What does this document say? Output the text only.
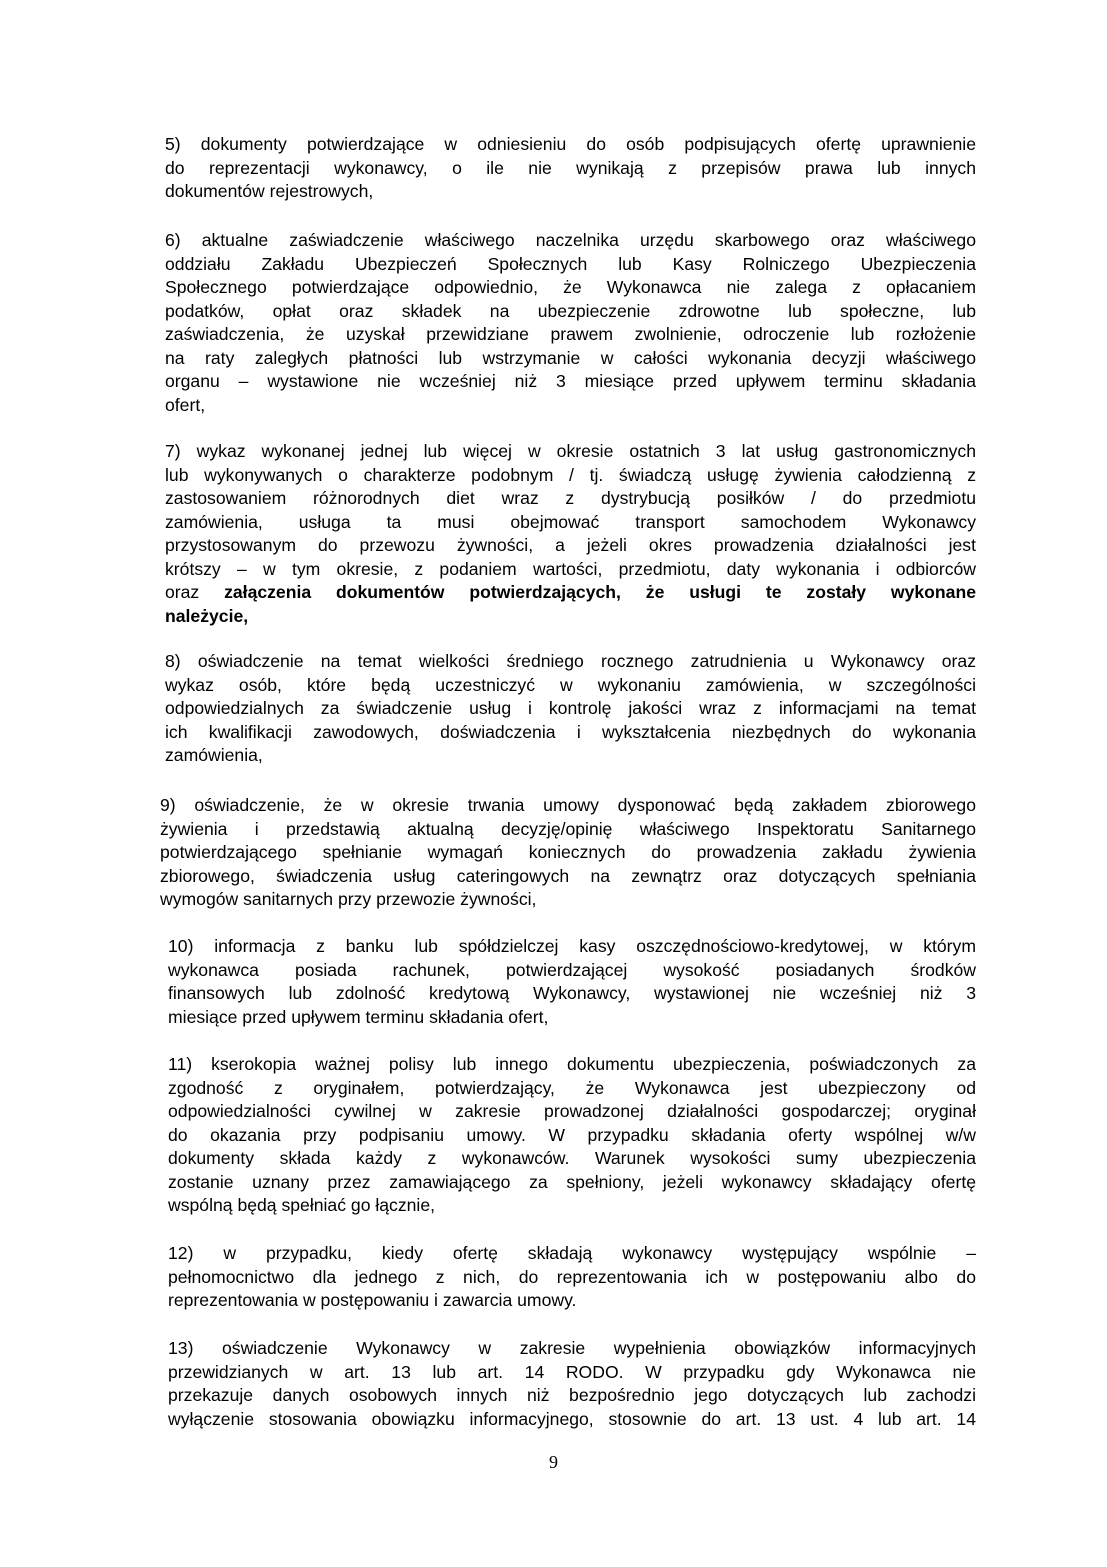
5) dokumenty potwierdzające w odniesieniu do osób podpisujących ofertę uprawnienie
do reprezentacji wykonawcy, o ile nie wynikają z przepisów prawa lub innych
dokumentów rejestrowych,
6) aktualne zaświadczenie właściwego naczelnika urzędu skarbowego oraz właściwego
oddziału Zakładu Ubezpieczeń Społecznych lub Kasy Rolniczego Ubezpieczenia
Społecznego potwierdzające odpowiednio, że Wykonawca nie zalega z opłacaniem
podatków, opłat oraz składek na ubezpieczenie zdrowotne lub społeczne, lub
zaświadczenia, że uzyskał przewidziane prawem zwolnienie, odroczenie lub rozłożenie
na raty zaległych płatności lub wstrzymanie w całości wykonania decyzji właściwego
organu – wystawione nie wcześniej niż 3 miesiące przed upływem terminu składania
ofert,
7) wykaz wykonanej jednej lub więcej w okresie ostatnich 3 lat usług gastronomicznych
lub wykonywanych o charakterze podobnym / tj. świadczą usługę żywienia całodzienną z
zastosowaniem różnorodnych diet wraz z dystrybucją posiłków / do przedmiotu
zamówienia, usługa ta musi obejmować transport samochodem Wykonawcy
przystosowanym do przewozu żywności, a jeżeli okres prowadzenia działalności jest
krótszy – w tym okresie, z podaniem wartości, przedmiotu, daty wykonania i odbiorców
oraz załączenia dokumentów potwierdzających, że usługi te zostały wykonane
należycie,
8) oświadczenie na temat wielkości średniego rocznego zatrudnienia u Wykonawcy oraz
wykaz osób, które będą uczestniczyć w wykonaniu zamówienia, w szczególności
odpowiedzialnych za świadczenie usług i kontrolę jakości wraz z informacjami na temat
ich kwalifikacji zawodowych, doświadczenia i wykształcenia niezbędnych do wykonania
zamówienia,
9) oświadczenie, że w okresie trwania umowy dysponować będą zakładem zbiorowego
żywienia i przedstawią aktualną decyzję/opinię właściwego Inspektoratu Sanitarnego
potwierdzającego spełnianie wymagań koniecznych do prowadzenia zakładu żywienia
zbiorowego, świadczenia usług cateringowych na zewnątrz oraz dotyczących spełniania
wymogów sanitarnych przy przewozie żywności,
10) informacja z banku lub spółdzielczej kasy oszczędnościowo-kredytowej, w którym
wykonawca posiada rachunek, potwierdzającej wysokość posiadanych środków
finansowych lub zdolność kredytową Wykonawcy, wystawionej nie wcześniej niż 3
miesiące przed upływem terminu składania ofert,
11) kserokopia ważnej polisy lub innego dokumentu ubezpieczenia, poświadczonych za
zgodność z oryginałem, potwierdzający, że Wykonawca jest ubezpieczony od
odpowiedzialności cywilnej w zakresie prowadzonej działalności gospodarczej; oryginał
do okazania przy podpisaniu umowy. W przypadku składania oferty wspólnej w/w
dokumenty składa każdy z wykonawców. Warunek wysokości sumy ubezpieczenia
zostanie uznany przez zamawiającego za spełniony, jeżeli wykonawcy składający ofertę
wspólną będą spełniać go łącznie,
12) w przypadku, kiedy ofertę składają wykonawcy występujący wspólnie –
pełnomocnictwo dla jednego z nich, do reprezentowania ich w postępowaniu albo do
reprezentowania w postępowaniu i zawarcia umowy.
13) oświadczenie Wykonawcy w zakresie wypełnienia obowiązków informacyjnych
przewidzianych w art. 13 lub art. 14 RODO. W przypadku gdy Wykonawca nie
przekazuje danych osobowych innych niż bezpośrednio jego dotyczących lub zachodzi
wyłączenie stosowania obowiązku informacyjnego, stosownie do art. 13 ust. 4 lub art. 14
9
